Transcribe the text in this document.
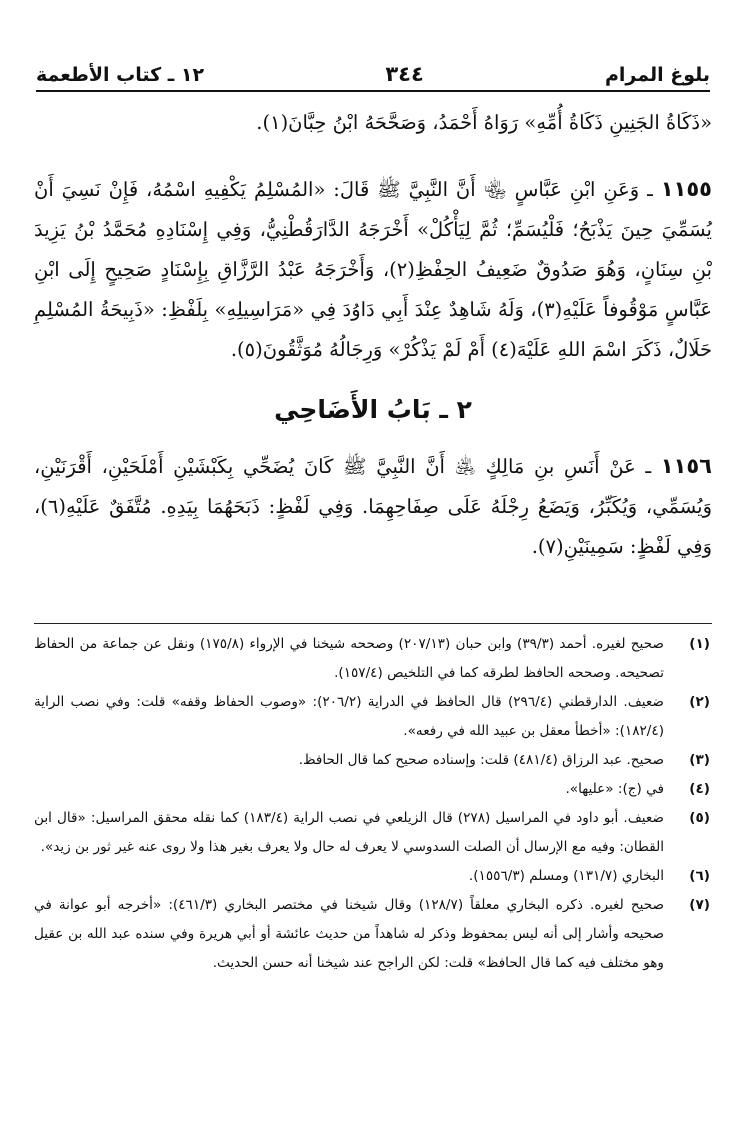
بلوغ المرام
٣٤٤
١٢ ـ كتاب الأطعمة

«ذَكَاةُ الجَنِينِ ذَكَاةُ أُمِّهِ» رَوَاهُ أَحْمَدُ، وَصَحَّحَهُ ابْنُ حِبَّانَ(١).

١١٥٥ ـ وَعَنِ ابْنِ عَبَّاسٍ ﵄ أَنَّ النَّبِيَّ ﷺ قَالَ: «المُسْلِمُ يَكْفِيهِ اسْمُهُ، فَإِنْ نَسِيَ أَنْ يُسَمِّيَ حِينَ يَذْبَحُ؛ فَلْيُسَمِّ؛ ثُمَّ لِيَأْكُلْ» أَخْرَجَهُ الدَّارَقُطْنِيُّ، وَفِي إِسْنَادِهِ مُحَمَّدُ بْنُ يَزِيدَ بْنِ سِنَانٍ، وَهُوَ صَدُوقٌ ضَعِيفُ الحِفْظِ(٢)، وَأَخْرَجَهُ عَبْدُ الرَّزَّاقِ بِإِسْنَادٍ صَحِيحٍ إِلَى ابْنِ عَبَّاسٍ مَوْقُوفاً عَلَيْهِ(٣)، وَلَهُ شَاهِدٌ عِنْدَ أَبِي دَاوُدَ فِي «مَرَاسِيلِهِ» بِلَفْظِ: «ذَبِيحَةُ المُسْلِمِ حَلَالٌ، ذَكَرَ اسْمَ اللهِ عَلَيْهَ(٤) أَمْ لَمْ يَذْكُرْ» وَرِجَالُهُ مُوَثَّقُونَ(٥).

٢ ـ بَابُ الأَضَاحِي

١١٥٦ ـ عَنْ أَنَسِ بنِ مَالِكٍ ﵁ أَنَّ النَّبِيَّ ﷺ كَانَ يُضَحِّي بِكَبْشَيْنِ أَمْلَحَيْنِ، أَقْرَنَيْنِ، وَيُسَمِّي، وَيُكَبِّرُ، وَيَضَعُ رِجْلَهُ عَلَى صِفَاحِهِمَا. وَفِي لَفْظٍ: ذَبَحَهُمَا بِيَدِهِ. مُتَّفَقٌ عَلَيْهِ(٦)، وَفِي لَفْظٍ: سَمِينَيْنِ(٧).

(١)
صحيح لغيره. أحمد (٣٩/٣) وابن حبان (٢٠٧/١٣) وصححه شيخنا في الإرواء (١٧٥/٨) ونقل عن جماعة من الحفاظ تصحيحه. وصححه الحافظ لطرقه كما في التلخيص (١٥٧/٤).
(٢)
ضعيف. الدارقطني (٢٩٦/٤) قال الحافظ في الدراية (٢٠٦/٢): «وصوب الحفاظ وقفه» قلت: وفي نصب الراية (١٨٢/٤): «أخطأ معقل بن عبيد الله في رفعه».
(٣)
صحيح. عبد الرزاق (٤٨١/٤) قلت: وإسناده صحيح كما قال الحافظ.
(٤)
في (ج): «عليها».
(٥)
ضعيف. أبو داود في المراسيل (٢٧٨) قال الزيلعي في نصب الراية (١٨٣/٤) كما نقله محقق المراسيل: «قال ابن القطان: وفيه مع الإرسال أن الصلت السدوسي لا يعرف له حال ولا يعرف بغير هذا ولا روى عنه غير ثور بن زيد».
(٦)
البخاري (١٣١/٧) ومسلم (١٥٥٦/٣).
(٧)
صحيح لغيره. ذكره البخاري معلقاً (١٢٨/٧) وقال شيخنا في مختصر البخاري (٤٦١/٣): «أخرجه أبو عوانة في صحيحه وأشار إلى أنه ليس بمحفوظ وذكر له شاهداً من حديث عائشة أو أبي هريرة وفي سنده عبد الله بن عقيل وهو مختلف فيه كما قال الحافظ» قلت: لكن الراجح عند شيخنا أنه حسن الحديث.
